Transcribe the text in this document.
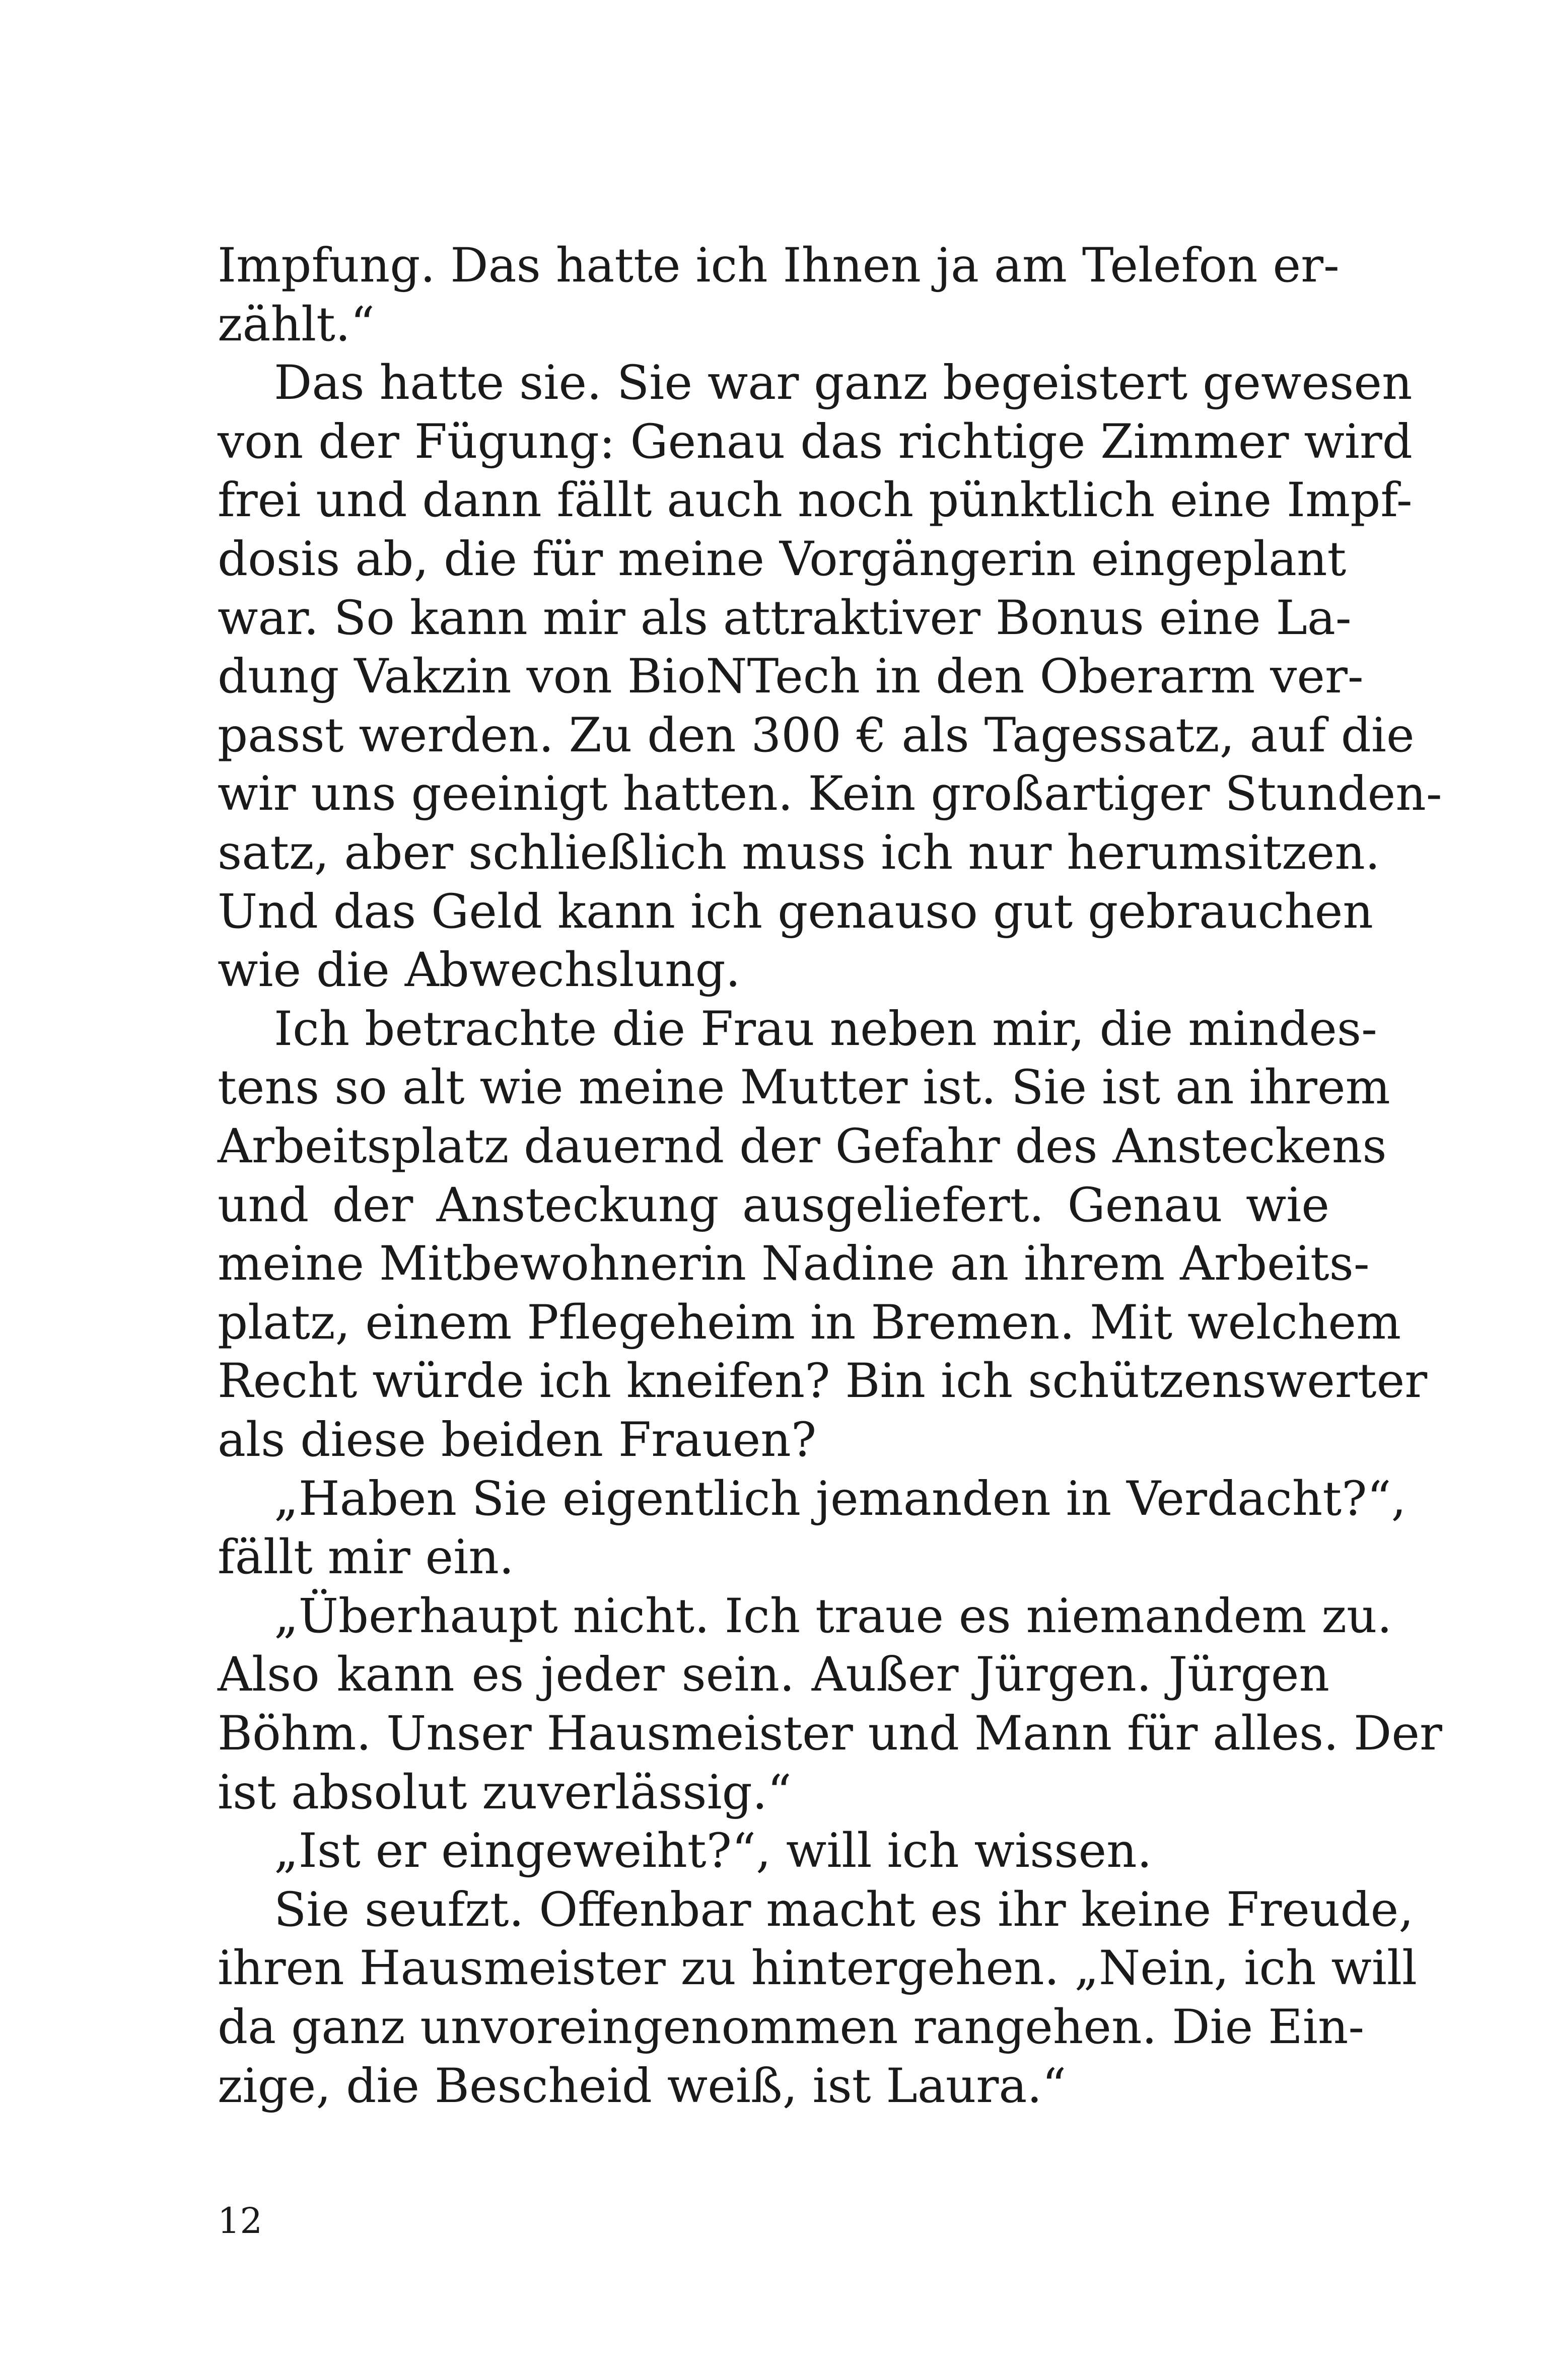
Impfung. Das hatte ich Ihnen ja am Telefon er-
zählt.“
Das hatte sie. Sie war ganz begeistert gewesen
von der Fügung: Genau das richtige Zimmer wird
frei und dann fällt auch noch pünktlich eine Impf-
dosis ab, die für meine Vorgängerin eingeplant
war. So kann mir als attraktiver Bonus eine La-
dung Vakzin von BioNTech in den Oberarm ver-
passt werden. Zu den 300 € als Tagessatz, auf die
wir uns geeinigt hatten. Kein großartiger Stunden-
satz, aber schließlich muss ich nur herumsitzen.
Und das Geld kann ich genauso gut gebrauchen
wie die Abwechslung.
Ich betrachte die Frau neben mir, die mindes-
tens so alt wie meine Mutter ist. Sie ist an ihrem
Arbeitsplatz dauernd der Gefahr des Ansteckens
und der Ansteckung ausgeliefert. Genau wie
meine Mitbewohnerin Nadine an ihrem Arbeits-
platz, einem Pflegeheim in Bremen. Mit welchem
Recht würde ich kneifen? Bin ich schützenswerter
als diese beiden Frauen?
„Haben Sie eigentlich jemanden in Verdacht?“,
fällt mir ein.
„Überhaupt nicht. Ich traue es niemandem zu.
Also kann es jeder sein. Außer Jürgen. Jürgen
Böhm. Unser Hausmeister und Mann für alles. Der
ist absolut zuverlässig.“
„Ist er eingeweiht?“, will ich wissen.
Sie seufzt. Offenbar macht es ihr keine Freude,
ihren Hausmeister zu hintergehen. „Nein, ich will
da ganz unvoreingenommen rangehen. Die Ein-
zige, die Bescheid weiß, ist Laura.“
12
